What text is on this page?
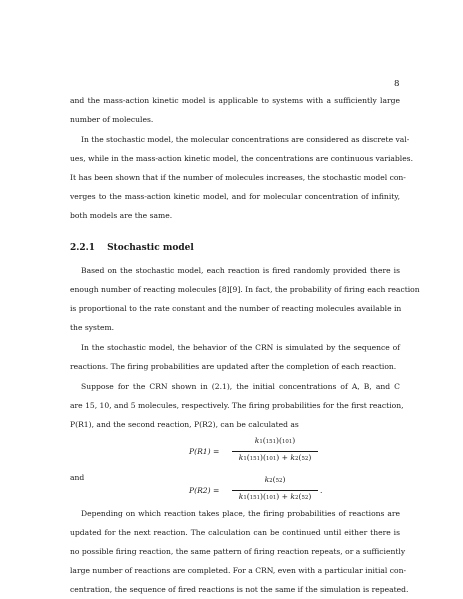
8
and the mass-action kinetic model is applicable to systems with a sufficiently large
number of molecules.
In the stochastic model, the molecular concentrations are considered as discrete val-
ues, while in the mass-action kinetic model, the concentrations are continuous variables.
It has been shown that if the number of molecules increases, the stochastic model con-
verges to the mass-action kinetic model, and for molecular concentration of infinity,
both models are the same.
2.2.1 Stochastic model
Based on the stochastic model, each reaction is fired randomly provided there is
enough number of reacting molecules [8][9]. In fact, the probability of firing each reaction
is proportional to the rate constant and the number of reacting molecules available in
the system.
In the stochastic model, the behavior of the CRN is simulated by the sequence of
reactions. The firing probabilities are updated after the completion of each reaction.
Suppose for the CRN shown in (2.1), the initial concentrations of A, B, and C
are 15, 10, and 5 molecules, respectively. The firing probabilities for the first reaction,
P(R1), and the second reaction, P(R2), can be calculated as
P(R1) =
k1(151)(101)
k1(151)(101) + k2(52)
and
P(R2) =
k2(52)
k1(151)(101) + k2(52)
.
Depending on which reaction takes place, the firing probabilities of reactions are
updated for the next reaction. The calculation can be continued until either there is
no possible firing reaction, the same pattern of firing reaction repeats, or a sufficiently
large number of reactions are completed. For a CRN, even with a particular initial con-
centration, the sequence of fired reactions is not the same if the simulation is repeated.
